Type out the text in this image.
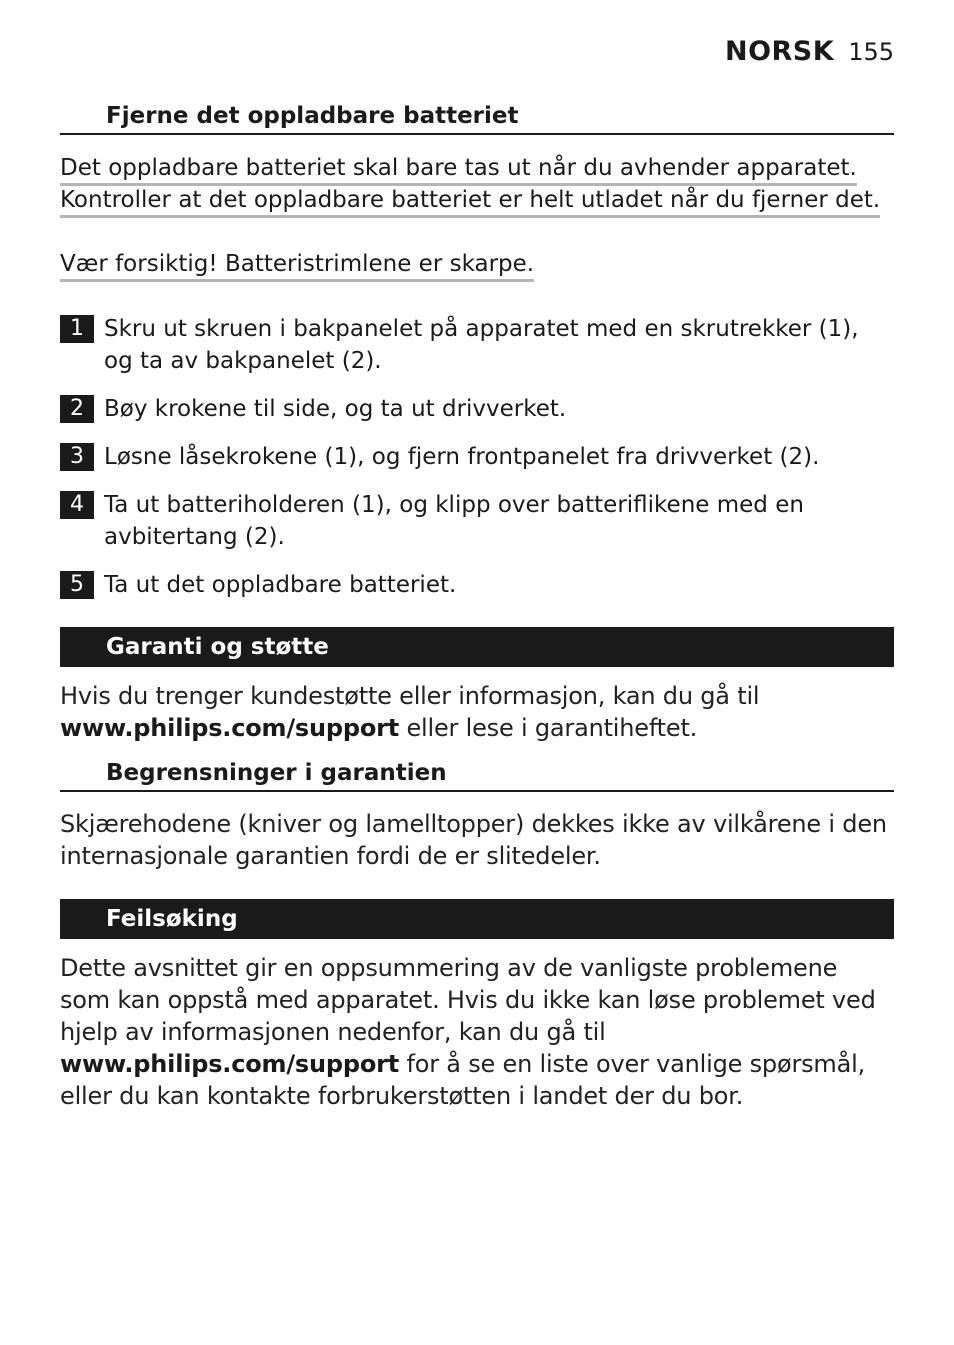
NORSK 155
Fjerne det oppladbare batteriet
Det oppladbare batteriet skal bare tas ut når du avhender apparatet.
Kontroller at det oppladbare batteriet er helt utladet når du fjerner det.
Vær forsiktig! Batteristrimlene er skarpe.
1 Skru ut skruen i bakpanelet på apparatet med en skrutrekker (1), og ta av bakpanelet (2).
2 Bøy krokene til side, og ta ut drivverket.
3 Løsne låsekrokene (1), og fjern frontpanelet fra drivverket (2).
4 Ta ut batteriholderen (1), og klipp over batteriflikene med en avbitertang (2).
5 Ta ut det oppladbare batteriet.
Garanti og støtte
Hvis du trenger kundestøtte eller informasjon, kan du gå til www.philips.com/support eller lese i garantiheftet.
Begrensninger i garantien
Skjærehodene (kniver og lamelltopper) dekkes ikke av vilkårene i den internasjonale garantien fordi de er slitedeler.
Feilsøking
Dette avsnittet gir en oppsummering av de vanligste problemene som kan oppstå med apparatet. Hvis du ikke kan løse problemet ved hjelp av informasjonen nedenfor, kan du gå til www.philips.com/support for å se en liste over vanlige spørsmål, eller du kan kontakte forbrukerstøtten i landet der du bor.
